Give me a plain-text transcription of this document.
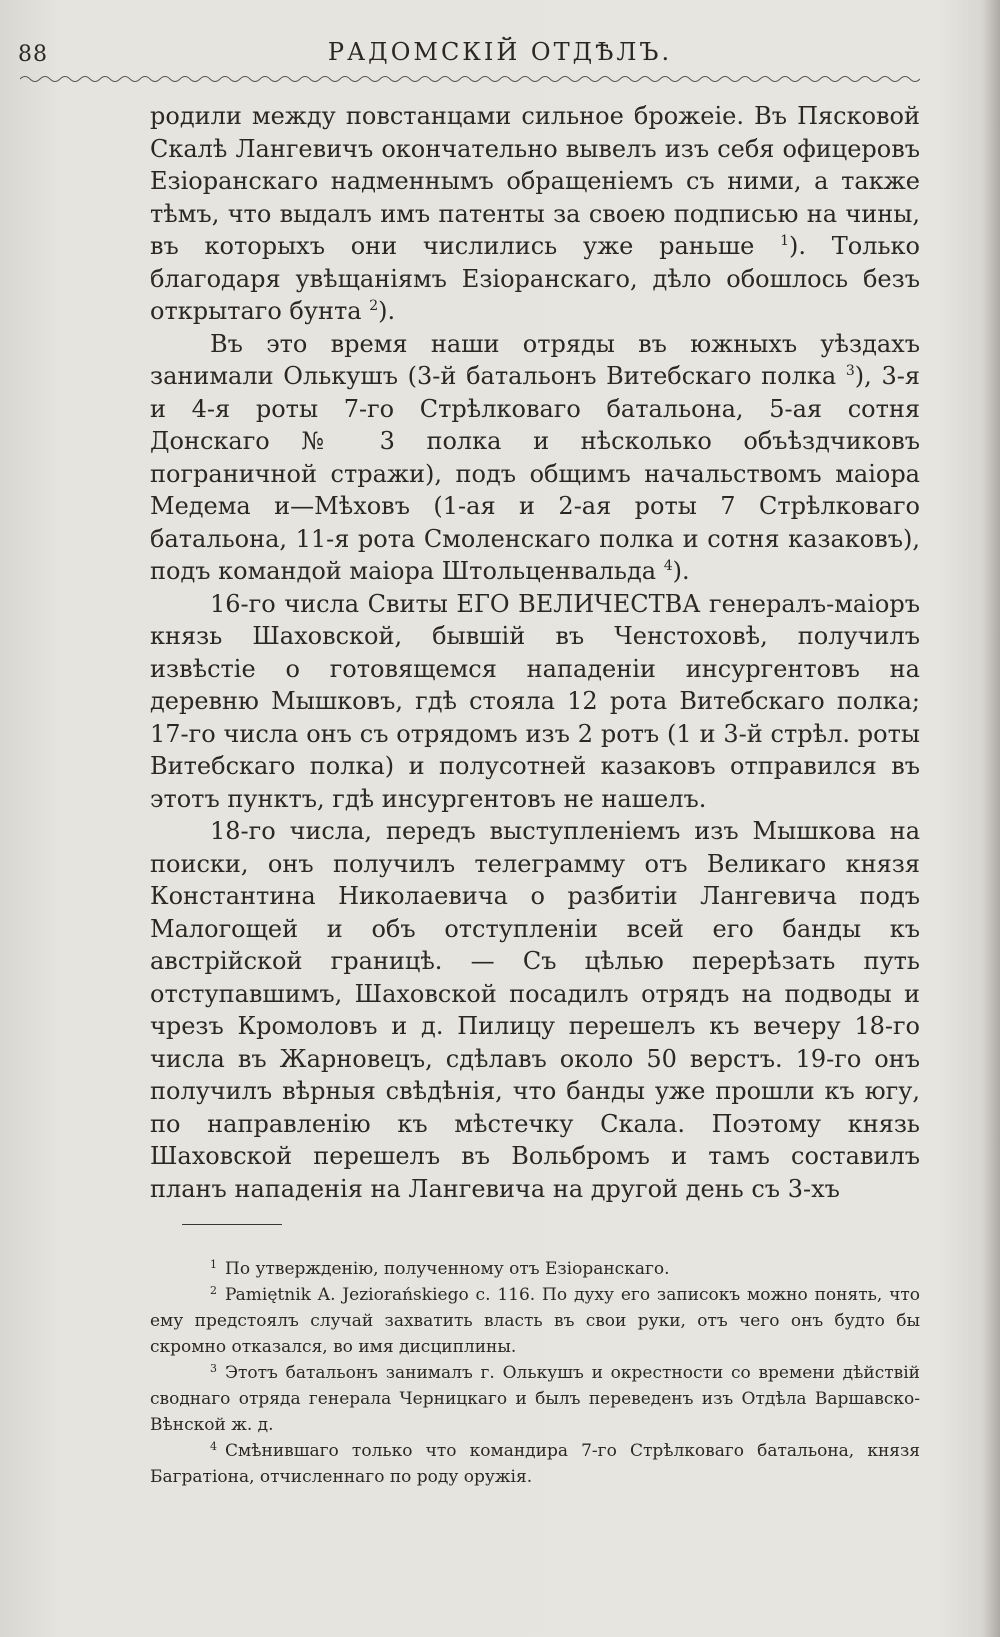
88	РАДОМСКІЙ ОТДѢЛЪ.

родили между повстанцами сильное брожеіе. Въ Пясковой Скалѣ Лангевичъ окончательно вывелъ изъ себя офицеровъ Езіоранскаго надменнымъ обращеніемъ съ ними, а также тѣмъ, что выдалъ имъ патенты за своею подписью на чины, въ которыхъ они числились уже раньше $^1$). Только благодаря увѣщаніямъ Езіоранскаго, дѣло обошлось безъ открытаго бунта $^2$).

Въ это время наши отряды въ южныхъ уѣздахъ занимали Олькушъ (3-й батальонъ Витебскаго полка $^3$), 3-я и 4-я роты 7-го Стрѣлковаго батальона, 5-ая сотня Донскаго № 3 полка и нѣсколько объѣздчиковъ пограничной стражи), подъ общимъ начальствомъ маіора Медема и—Мѣховъ (1-ая и 2-ая роты 7 Стрѣлковаго батальона, 11-я рота Смоленскаго полка и сотня казаковъ), подъ командой маіора Штольценвальда $^4$).

16-го числа Свиты ЕГО ВЕЛИЧЕСТВА генералъ-маіоръ князь Шаховской, бывшій въ Ченстоховѣ, получилъ извѣстіе о готовящемся нападеніи инсургентовъ на деревню Мышковъ, гдѣ стояла 12 рота Витебскаго полка; 17-го числа онъ съ отрядомъ изъ 2 ротъ (1 и 3-й стрѣл. роты Витебскаго полка) и полусотней казаковъ отправился въ этотъ пунктъ, гдѣ инсургентовъ не нашелъ.

18-го числа, передъ выступленіемъ изъ Мышкова на поиски, онъ получилъ телеграмму отъ Великаго князя Константина Николаевича о разбитіи Лангевича подъ Малогощей и объ отступленіи всей его банды къ австрійской границѣ. — Съ цѣлью перерѣзать путь отступавшимъ, Шаховской посадилъ отрядъ на подводы и чрезъ Кромоловъ и д. Пилицу перешелъ къ вечеру 18-го числа въ Жарновецъ, сдѣлавъ около 50 верстъ. 19-го онъ получилъ вѣрныя свѣдѣнія, что банды уже прошли къ югу, по направленію къ мѣстечку Скала. Поэтому князь Шаховской перешелъ въ Вольбромъ и тамъ составилъ планъ нападенія на Лангевича на другой день съ 3-хъ

$^1$ По утвержденію, полученному отъ Езіоранскаго.

$^2$ Pamiętnik A. Jeziorańskiego с. 116. По духу его записокъ можно понять, что ему предстоялъ случай захватить власть въ свои руки, отъ чего онъ будто бы скромно отказался, во имя дисциплины.

$^3$ Этотъ батальонъ занималъ г. Олькушъ и окрестности со времени дѣйствій своднаго отряда генерала Черницкаго и былъ переведенъ изъ Отдѣла Варшавско-Вѣнской ж. д.

$^4$ Смѣнившаго только что командира 7-го Стрѣлковаго батальона, князя Багратіона, отчисленнаго по роду оружія.
